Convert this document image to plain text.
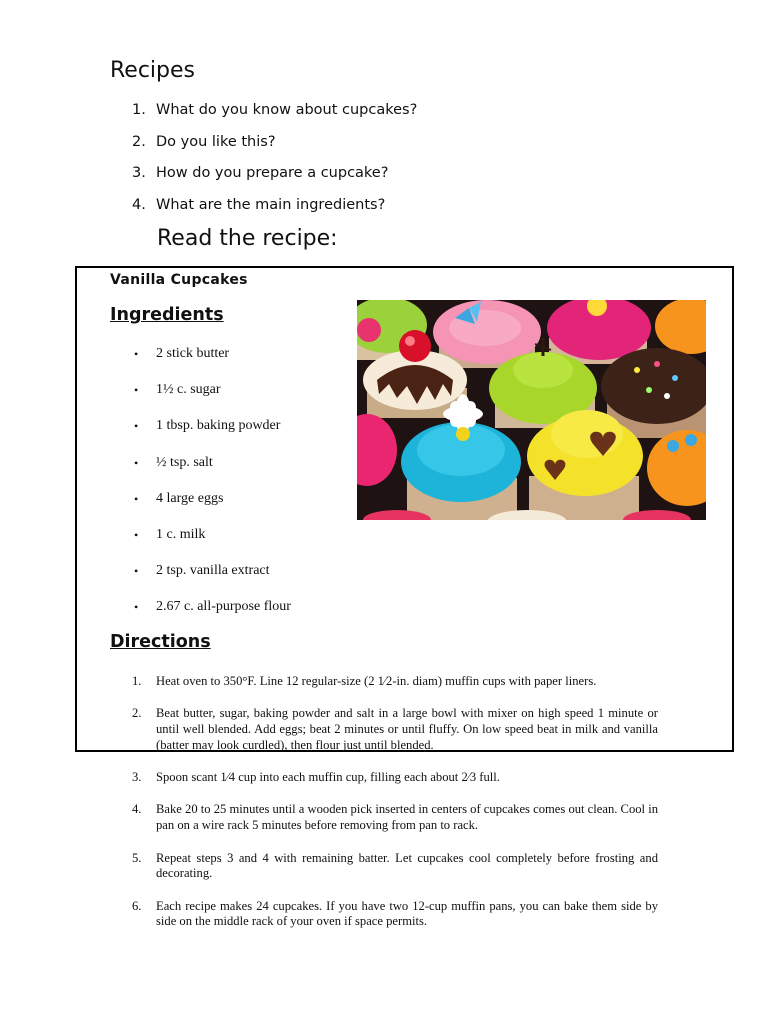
Recipes
1. What do you know about cupcakes?
2. Do you like this?
3. How do you prepare a cupcake?
4. What are the main ingredients?
Read the recipe:
Vanilla Cupcakes
Ingredients
• 2 stick butter
• 1½ c. sugar
• 1 tbsp. baking powder
• ½ tsp. salt
• 4 large eggs
• 1 c. milk
• 2 tsp. vanilla extract
• 2.67 c. all-purpose flour
Directions
1. Heat oven to 350°F. Line 12 regular-size (2 1⁄2-in. diam) muffin cups with paper liners.
2. Beat butter, sugar, baking powder and salt in a large bowl with mixer on high speed 1 minute or until well blended. Add eggs; beat 2 minutes or until fluffy. On low speed beat in milk and vanilla (batter may look curdled), then flour just until blended.
3. Spoon scant 1⁄4 cup into each muffin cup, filling each about 2⁄3 full.
4. Bake 20 to 25 minutes until a wooden pick inserted in centers of cupcakes comes out clean. Cool in pan on a wire rack 5 minutes before removing from pan to rack.
5. Repeat steps 3 and 4 with remaining batter. Let cupcakes cool completely before frosting and decorating.
6. Each recipe makes 24 cupcakes. If you have two 12-cup muffin pans, you can bake them side by side on the middle rack of your oven if space permits.
